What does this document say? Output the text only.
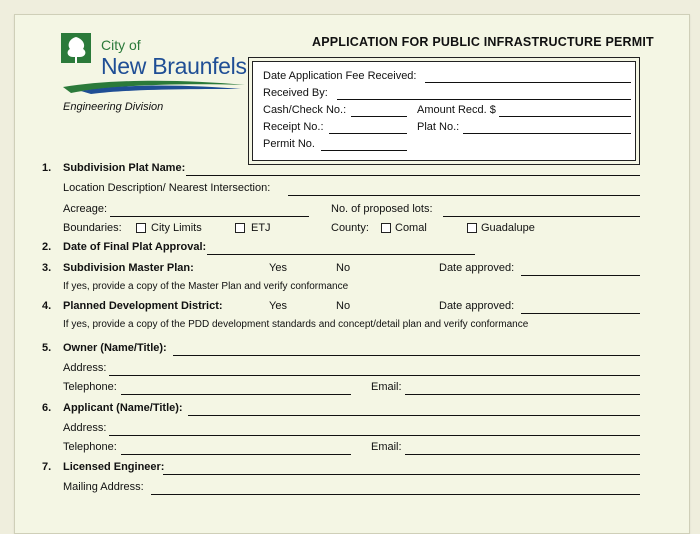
City of
New Braunfels
Engineering Division
APPLICATION FOR PUBLIC INFRASTRUCTURE PERMIT
Date Application Fee Received:
Received By:
Cash/Check No.:	Amount Recd. $
Receipt No.:	Plat No.:
Permit No.
1. Subdivision Plat Name:
Location Description/ Nearest Intersection:
Acreage:	No. of proposed lots:
Boundaries:	City Limits	ETJ	County: Comal	Guadalupe
2. Date of Final Plat Approval:
3. Subdivision Master Plan:	Yes	No	Date approved:
If yes, provide a copy of the Master Plan and verify conformance
4. Planned Development District:	Yes	No	Date approved:
If yes, provide a copy of the PDD development standards and concept/detail plan and verify conformance
5. Owner (Name/Title):
Address:
Telephone:	Email:
6. Applicant (Name/Title):
Address:
Telephone:	Email:
7. Licensed Engineer:
Mailing Address:
